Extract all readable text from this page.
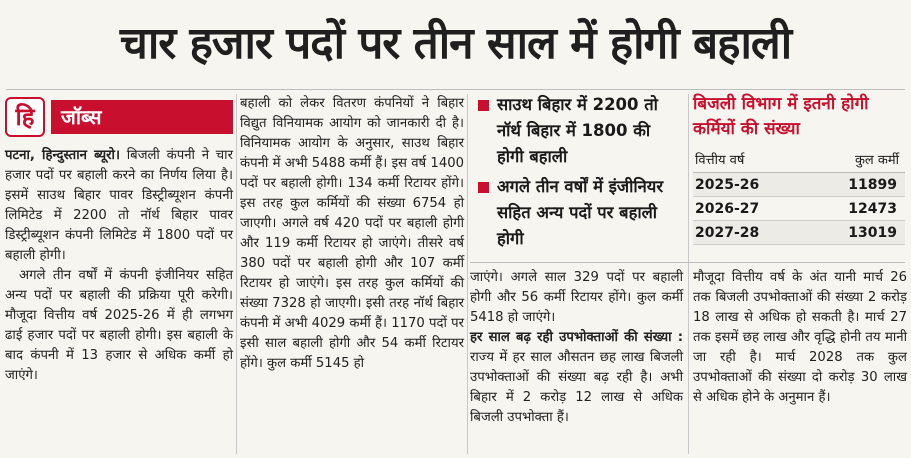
चार हजार पदों पर तीन साल में होगी बहाली
हि	जॉब्स

पटना, हिन्दुस्तान ब्यूरो। बिजली कंपनी ने चार हजार पदों पर बहाली करने का निर्णय लिया है। इसमें साउथ बिहार पावर डिस्ट्रीब्यूशन कंपनी लिमिटेड में 2200 तो नॉर्थ बिहार पावर डिस्ट्रीब्यूशन कंपनी लिमिटेड में 1800 पदों पर बहाली होगी।

अगले तीन वर्षों में कंपनी इंजीनियर सहित अन्य पदों पर बहाली की प्रक्रिया पूरी करेगी। मौजूदा वित्तीय वर्ष 2025-26 में ही लगभग ढाई हजार पदों पर बहाली होगी। इस बहाली के बाद कंपनी में 13 हजार से अधिक कर्मी हो जाएंगे।

बहाली को लेकर वितरण कंपनियों ने बिहार विद्युत विनियामक आयोग को जानकारी दी है। विनियामक आयोग के अनुसार, साउथ बिहार कंपनी में अभी 5488 कर्मी हैं। इस वर्ष 1400 पदों पर बहाली होगी। 134 कर्मी रिटायर होंगे। इस तरह कुल कर्मियों की संख्या 6754 हो जाएगी। अगले वर्ष 420 पदों पर बहाली होगी और 119 कर्मी रिटायर हो जाएंगे। तीसरे वर्ष 380 पदों पर बहाली होगी और 107 कर्मी रिटायर हो जाएंगे। इस तरह कुल कर्मियों की संख्या 7328 हो जाएगी। इसी तरह नॉर्थ बिहार कंपनी में अभी 4029 कर्मी हैं। 1170 पदों पर इसी साल बहाली होगी और 54 कर्मी रिटायर होंगे। कुल कर्मी 5145 हो

साउथ बिहार में 2200 तो नॉर्थ बिहार में 1800 की होगी बहाली
अगले तीन वर्षों में इंजीनियर सहित अन्य पदों पर बहाली होगी
बिजली विभाग में इतनी होगी कर्मियों की संख्या
वित्तीय वर्ष	कुल कर्मी
2025-26	11899
2026-27	12473
2027-28	13019

जाएंगे। अगले साल 329 पदों पर बहाली होगी और 56 कर्मी रिटायर होंगे। कुल कर्मी 5418 हो जाएंगे।

हर साल बढ़ रही उपभोक्ताओं की संख्या : राज्य में हर साल औसतन छह लाख बिजली उपभोक्ताओं की संख्या बढ़ रही है। अभी बिहार में 2 करोड़ 12 लाख से अधिक बिजली उपभोक्ता हैं।

मौजूदा वित्तीय वर्ष के अंत यानी मार्च 26 तक बिजली उपभोक्ताओं की संख्या 2 करोड़ 18 लाख से अधिक हो सकती है। मार्च 27 तक इसमें छह लाख और वृद्धि होनी तय मानी जा रही है। मार्च 2028 तक कुल उपभोक्ताओं की संख्या दो करोड़ 30 लाख से अधिक होने के अनुमान हैं।
